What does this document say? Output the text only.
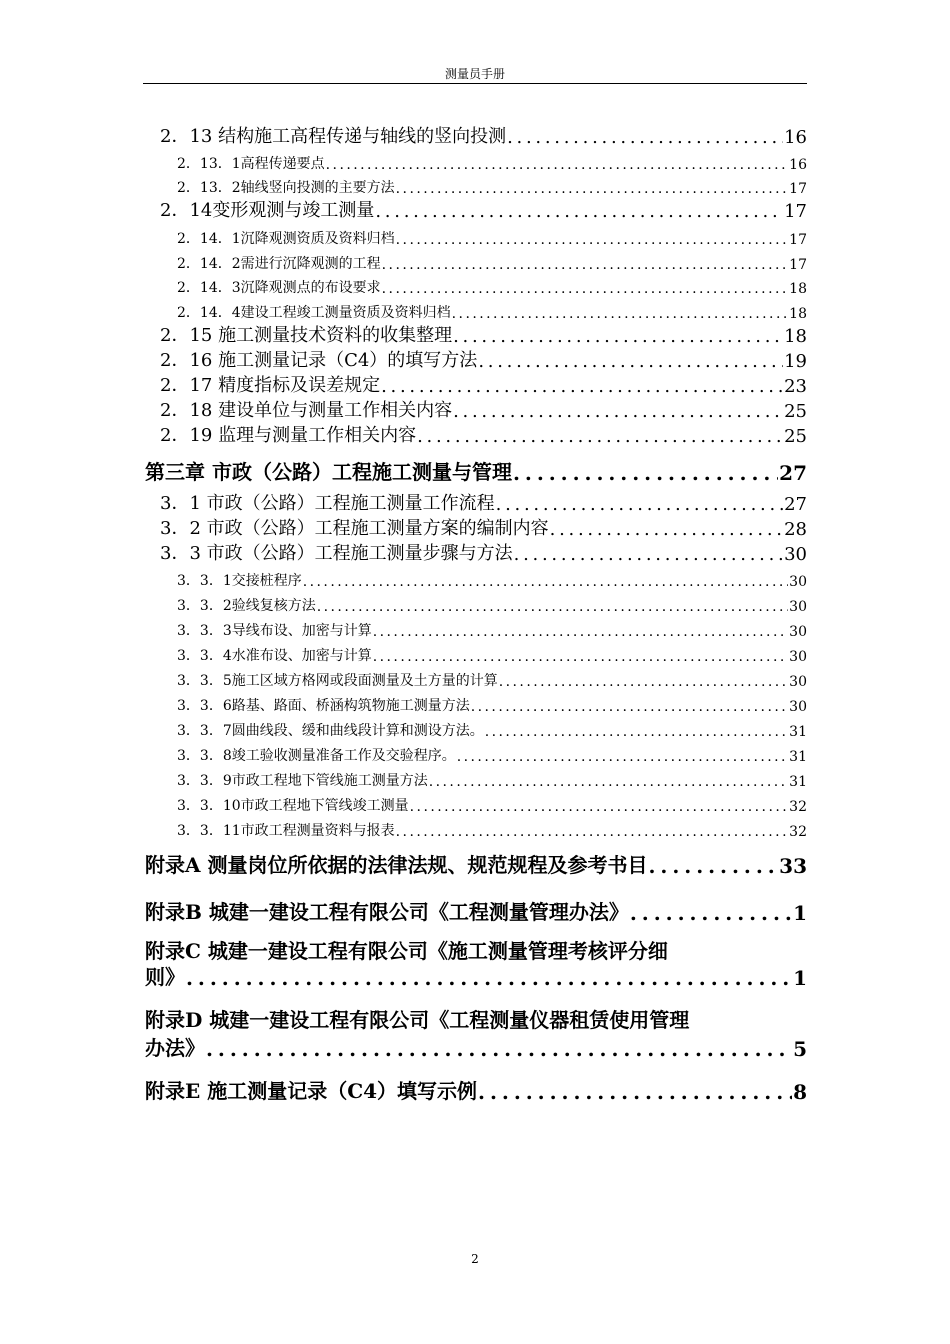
测量员手册
2．13 结构施工高程传递与轴线的竖向投测 . . .	16
2．13．1高程传递要点 . . .	16
2．13．2轴线竖向投测的主要方法 . . .	17
2．14变形观测与竣工测量 . . .	17
2．14．1沉降观测资质及资料归档 . . .	17
2．14．2需进行沉降观测的工程 . . .	17
2．14．3沉降观测点的布设要求 . . .	18
2．14．4建设工程竣工测量资质及资料归档 . . .	18
2．15 施工测量技术资料的收集整理 . . .	18
2．16 施工测量记录（C4）的填写方法 . . .	19
2．17 精度指标及误差规定 . . .	23
2．18 建设单位与测量工作相关内容 . . .	25
2．19 监理与测量工作相关内容 . . .	25
第三章 市政（公路）工程施工测量与管理 . . .	27
3．1 市政（公路）工程施工测量工作流程 . . .	27
3．2 市政（公路）工程施工测量方案的编制内容 . . .	28
3．3 市政（公路）工程施工测量步骤与方法 . . .	30
3．3．1交接桩程序 . . .	30
3．3．2验线复核方法 . . .	30
3．3．3导线布设、加密与计算 . . .	30
3．3．4水准布设、加密与计算 . . .	30
3．3．5施工区域方格网或段面测量及土方量的计算 . . .	30
3．3．6路基、路面、桥涵构筑物施工测量方法 . . .	30
3．3．7圆曲线段、缓和曲线段计算和测设方法。 . . .	31
3．3．8竣工验收测量准备工作及交验程序。 . . .	31
3．3．9市政工程地下管线施工测量方法 . . .	31
3．3．10市政工程地下管线竣工测量 . . .	32
3．3．11市政工程测量资料与报表 . . .	32
附录A 测量岗位所依据的法律法规、规范规程及参考书目 . . .	33
附录B 城建一建设工程有限公司《工程测量管理办法》 . . .	1
附录C 城建一建设工程有限公司《施工测量管理考核评分细
则》 . . .	1
附录D 城建一建设工程有限公司《工程测量仪器租赁使用管理
办法》 . . .	5
附录E 施工测量记录（C4）填写示例 . . .	8
2
